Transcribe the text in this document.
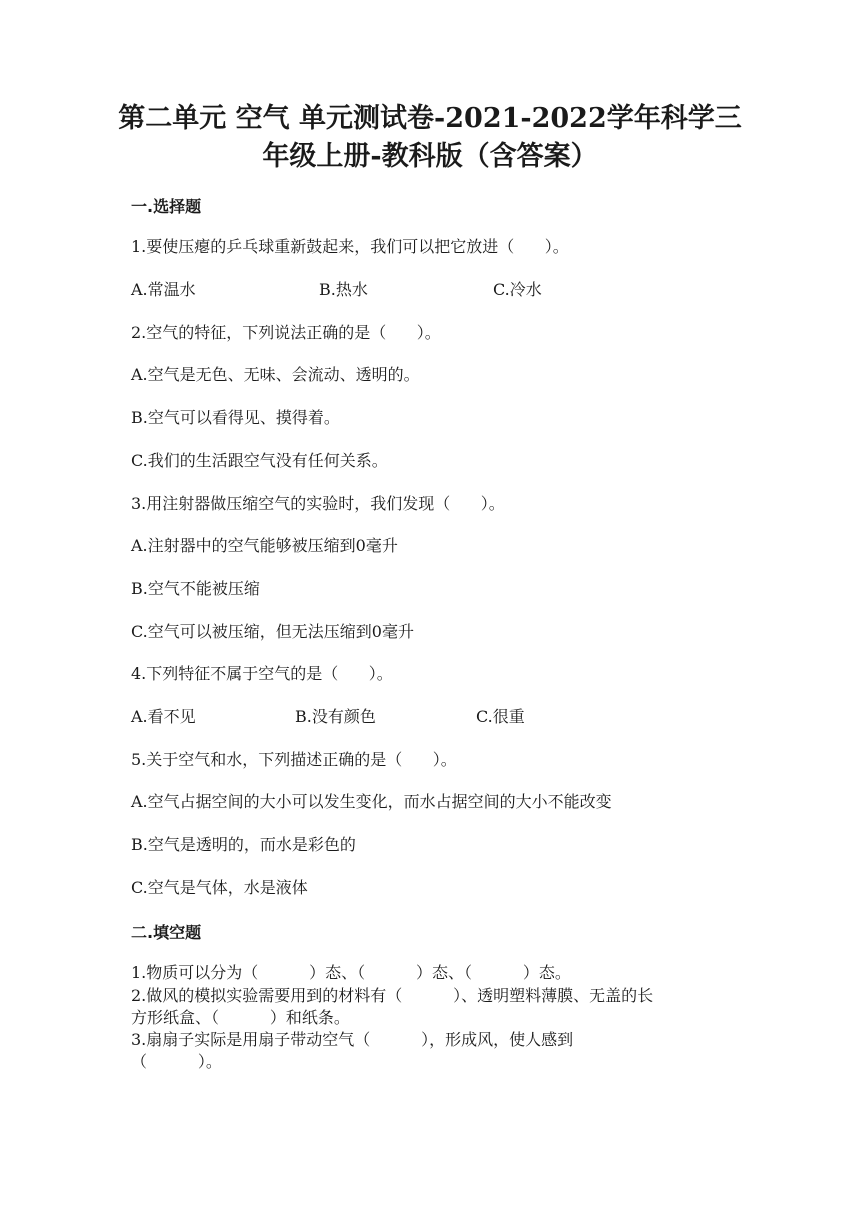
第二单元 空气 单元测试卷-2021-2022学年科学三
年级上册-教科版（含答案）
一.选择题
1.要使压瘪的乒乓球重新鼓起来，我们可以把它放进（      ）。
A.常温水	B.热水	C.冷水
2.空气的特征，下列说法正确的是（      ）。
A.空气是无色、无味、会流动、透明的。
B.空气可以看得见、摸得着。
C.我们的生活跟空气没有任何关系。
3.用注射器做压缩空气的实验时，我们发现（      ）。
A.注射器中的空气能够被压缩到0毫升
B.空气不能被压缩
C.空气可以被压缩，但无法压缩到0毫升
4.下列特征不属于空气的是（      ）。
A.看不见	B.没有颜色	C.很重
5.关于空气和水，下列描述正确的是（      ）。
A.空气占据空间的大小可以发生变化，而水占据空间的大小不能改变
B.空气是透明的，而水是彩色的
C.空气是气体，水是液体
二.填空题
1.物质可以分为（          ）态、（          ）态、（          ）态。
2.做风的模拟实验需要用到的材料有（          ）、透明塑料薄膜、无盖的长
方形纸盒、（          ）和纸条。
3.扇扇子实际是用扇子带动空气（          ），形成风，使人感到
（          ）。
